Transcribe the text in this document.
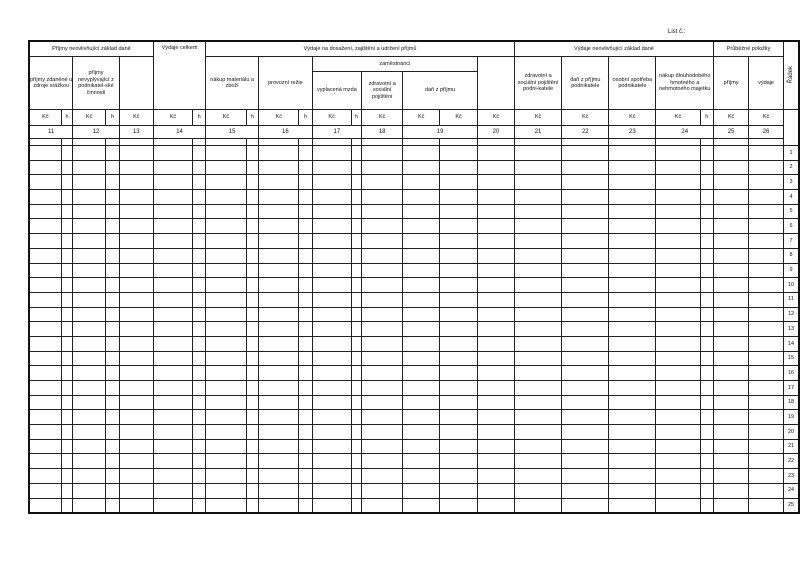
List č.:
Příjmy neovlivňující základ daně					Výdaje celkem		Výdaje na dosažení, zajištění a udržení příjmů										Výdaje neovlivňující základ daně					Průběžné položky		Řádek
příjmy zdaněné u zdroje srážkou		příjmy nevyplývající z podnikatel-ské činnosti					nákup materiálu a zboží		provozní režie		zaměstnanci						zdravotní a sociální pojištění podni-katele	daň z příjmu podnikatele	osobní spotřeba podnikatele	nákup dlouhodobého hmotného a nehmotného majetku		příjmy	výdaje	
											vyplacená mzda		zdravotní a sociální pojištění	daň z příjmu										
Kč	h	Kč	h	Kč	Kč	h	Kč	h	Kč	h	Kč	h	Kč	Kč	Kč	Kč	Kč	Kč	Kč	Kč	h	Kč	Kč	
11		12		13	14		15		16		17		18	19		20	21	22	23	24		25	26	

																								1
																								2
																								3
																								4
																								5
																								6
																								7
																								8
																								9
																								10
																								11
																								12
																								13
																								14
																								15
																								16
																								17
																								18
																								19
																								20
																								21
																								22
																								23
																								24
																								25
